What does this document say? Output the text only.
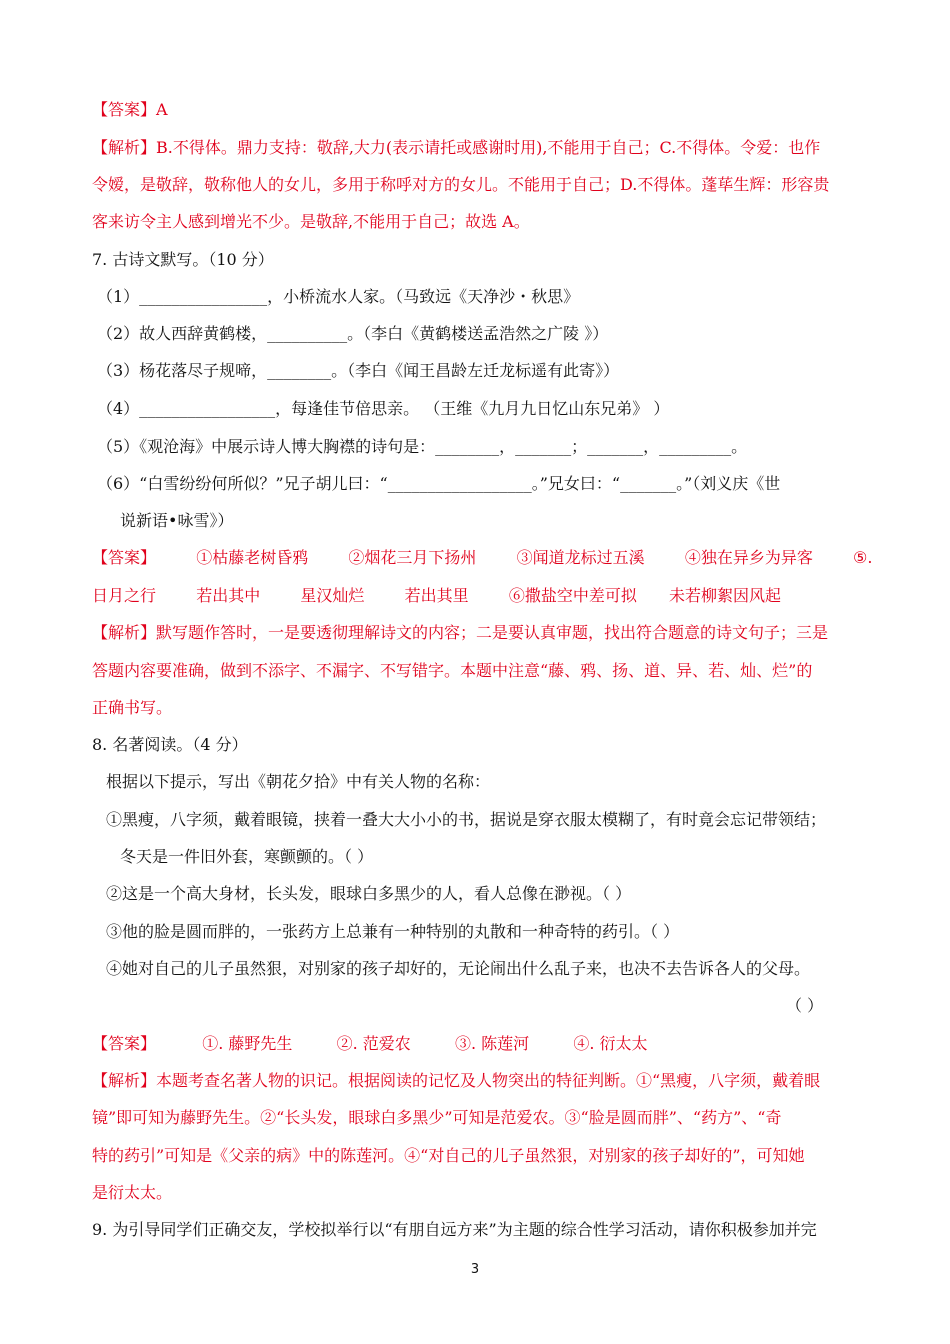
【答案】A
【解析】B.不得体。鼎力支持：敬辞,大力(表示请托或感谢时用),不能用于自己；C.不得体。令爱：也作
令嫒，是敬辞，敬称他人的女儿，多用于称呼对方的女儿。不能用于自己；D.不得体。蓬荜生辉：形容贵
客来访令主人感到增光不少。是敬辞,不能用于自己；故选 A。
7. 古诗文默写。（10 分）
（1）________________，小桥流水人家。（马致远《天净沙・秋思》
（2）故人西辞黄鹤楼，__________。（李白《黄鹤楼送孟浩然之广陵 》）
（3）杨花落尽子规啼，________。（李白《闻王昌龄左迁龙标遥有此寄》）
（4）_________________，每逢佳节倍思亲。 （王维《九月九日忆山东兄弟》 ）
（5）《观沧海》中展示诗人博大胸襟的诗句是：________，_______；_______，_________。
（6）“白雪纷纷何所似？”兄子胡儿曰：“__________________。”兄女曰：“_______。”（刘义庆《世
说新语•咏雪》）
【答案】	①枯藤老树昏鸦	②烟花三月下扬州	③闻道龙标过五溪	④独在异乡为异客	⑤.
日月之行	若出其中	星汉灿烂	若出其里	⑥撒盐空中差可拟 未若柳絮因风起
【解析】默写题作答时，一是要透彻理解诗文的内容；二是要认真审题，找出符合题意的诗文句子；三是
答题内容要准确，做到不添字、不漏字、不写错字。本题中注意“藤、鸦、扬、道、异、若、灿、烂”的
正确书写。
8. 名著阅读。（4 分）
根据以下提示，写出《朝花夕拾》中有关人物的名称：
①黑瘦，八字须，戴着眼镜，挟着一叠大大小小的书，据说是穿衣服太模糊了，有时竟会忘记带领结；
冬天是一件旧外套，寒颤颤的。（ ）
②这是一个高大身材，长头发，眼球白多黑少的人，看人总像在渺视。（ ）
③他的脸是圆而胖的，一张药方上总兼有一种特别的丸散和一种奇特的药引。（ ）
④她对自己的儿子虽然狠，对别家的孩子却好的，无论闹出什么乱子来，也决不去告诉各人的父母。
（ ）
【答案】	①. 藤野先生	②. 范爱农	③. 陈莲河	④. 衍太太
【解析】本题考查名著人物的识记。根据阅读的记忆及人物突出的特征判断。①“黑瘦，八字须，戴着眼
镜”即可知为藤野先生。②“长头发，眼球白多黑少”可知是范爱农。③“脸是圆而胖”、“药方”、“奇
特的药引”可知是《父亲的病》中的陈莲河。④“对自己的儿子虽然狠，对别家的孩子却好的”，可知她
是衍太太。
9. 为引导同学们正确交友，学校拟举行以“有朋自远方来”为主题的综合性学习活动，请你积极参加并完
3
